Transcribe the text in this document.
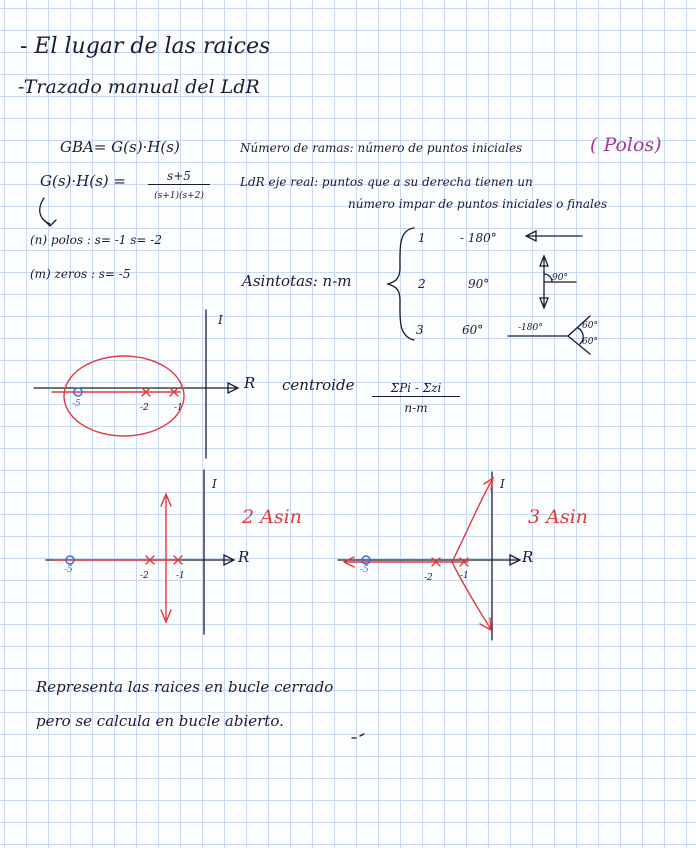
- El lugar de las raices
-Trazado manual del LdR
GBA= G(s)·H(s)
G(s)·H(s) =	s+5
(s+1)(s+2)
(n) polos : s= -1 s= -2
(m) zeros : s= -5
Número de ramas: número de puntos iniciales	( Polos)
LdR eje real: puntos que a su derecha tienen un
número impar de puntos iniciales o finales
Asintotas: n-m
1	- 180°
2	90°
3	60°
90°
-180°	60°
60°
I
R
-5	-2	-1
centroide	ΣPi - Σzi
n-m
I
R
-5
-2	-1
2 Asin
I
R
-5
-2	-1
3 Asin
Representa las raices en bucle cerrado
pero se calcula en bucle abierto.
